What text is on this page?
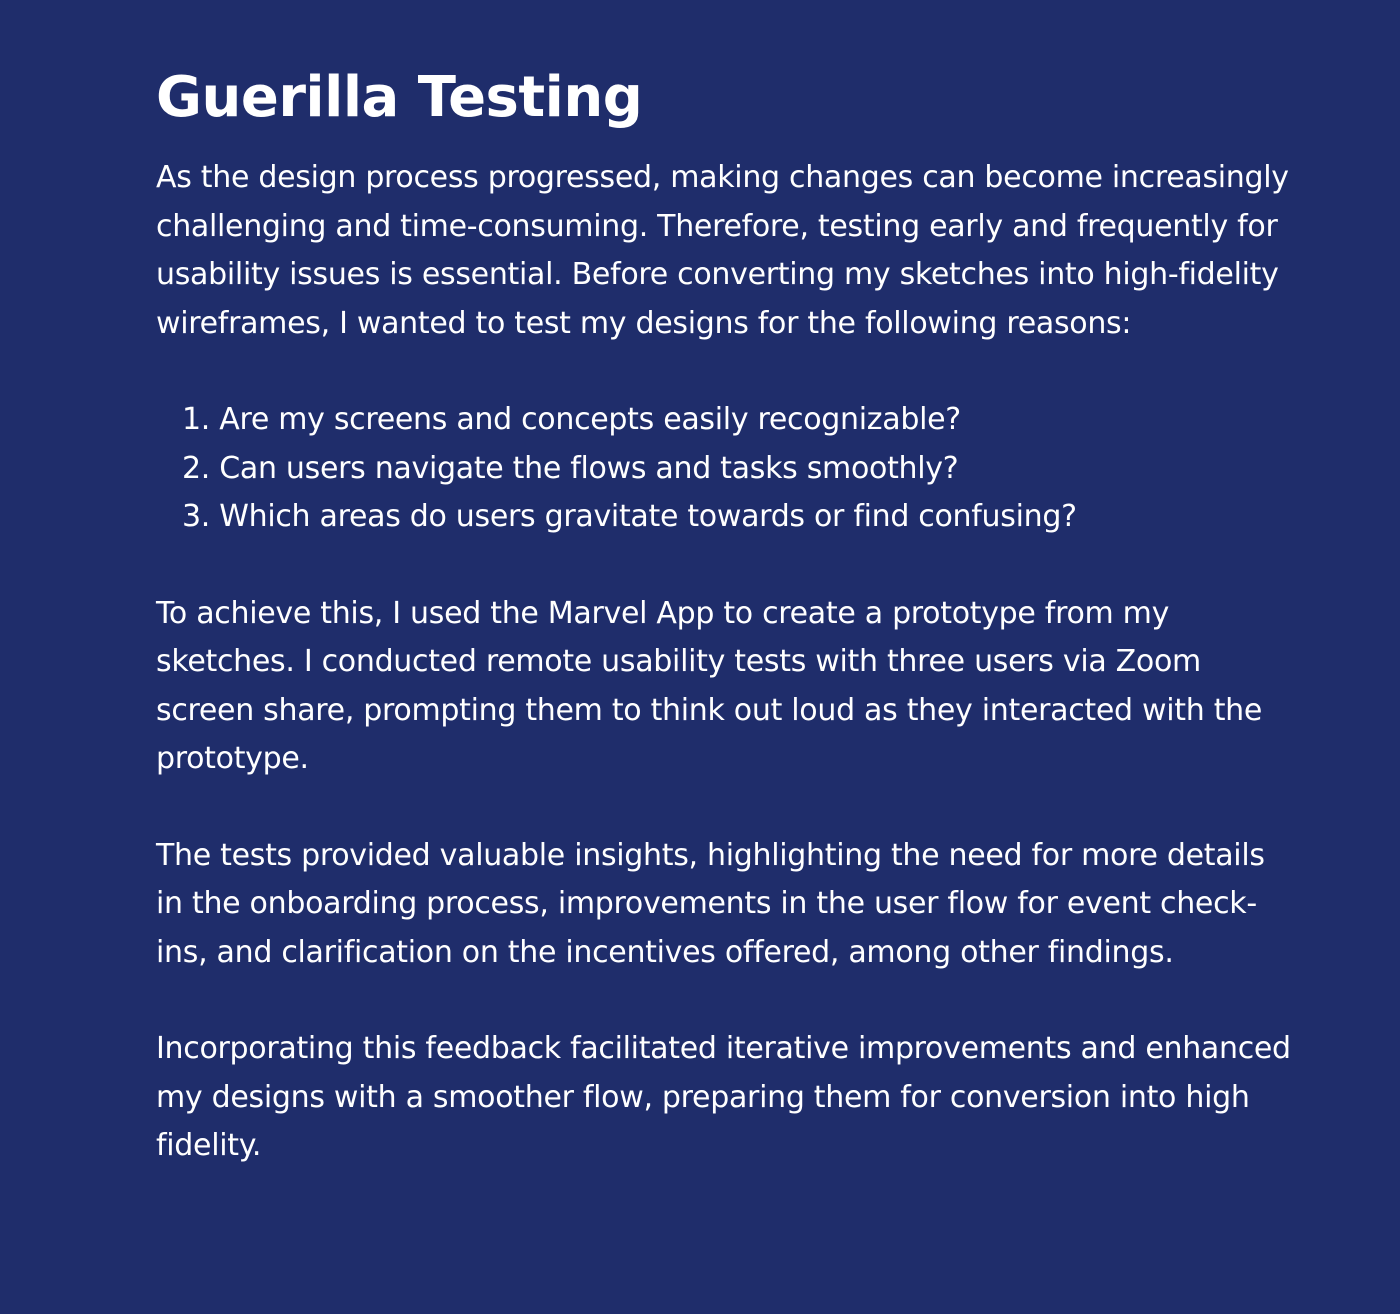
Guerilla Testing

As the design process progressed, making changes can become increasingly challenging and time-consuming. Therefore, testing early and frequently for usability issues is essential. Before converting my sketches into high-fidelity wireframes, I wanted to test my designs for the following reasons:

1. Are my screens and concepts easily recognizable?
2. Can users navigate the flows and tasks smoothly?
3. Which areas do users gravitate towards or find confusing?

To achieve this, I used the Marvel App to create a prototype from my sketches. I conducted remote usability tests with three users via Zoom screen share, prompting them to think out loud as they interacted with the prototype.

The tests provided valuable insights, highlighting the need for more details in the onboarding process, improvements in the user flow for event check-ins, and clarification on the incentives offered, among other findings.

Incorporating this feedback facilitated iterative improvements and enhanced my designs with a smoother flow, preparing them for conversion into high fidelity.
